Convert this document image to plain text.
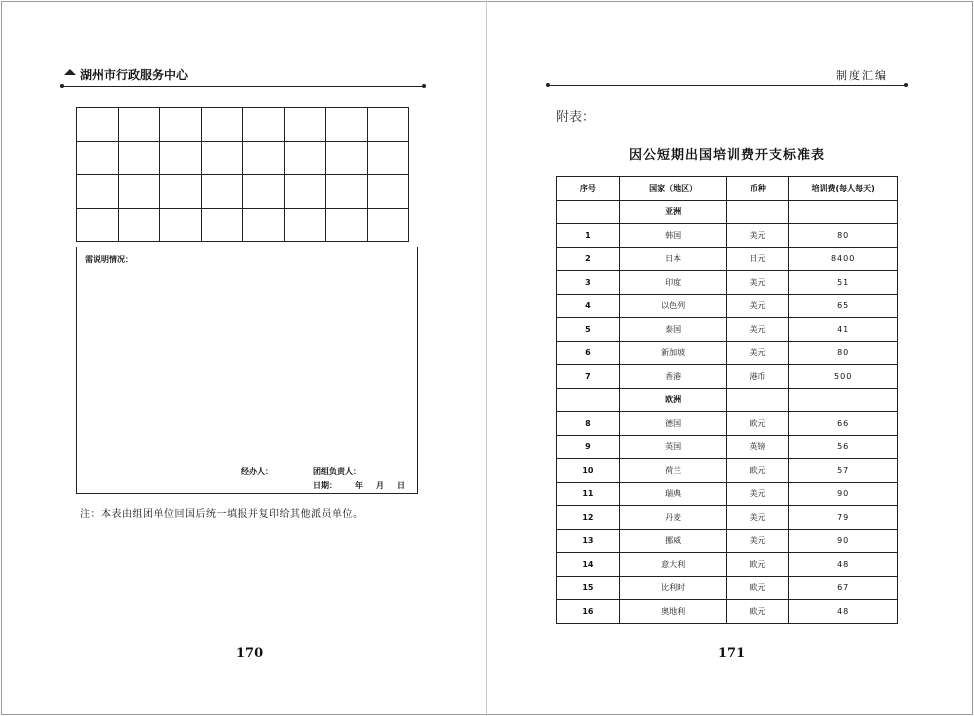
湖州市行政服务中心

需说明情况：
经办人：	团组负责人：
日期： 年 月 日
注：本表由组团单位回国后统一填报并复印给其他派员单位。
170
制度汇编
附表：
因公短期出国培训费开支标准表
序号	国家（地区）	币种	培训费(每人每天)
	亚洲		
1	韩国	美元	80
2	日本	日元	8400
3	印度	美元	51
4	以色列	美元	65
5	泰国	美元	41
6	新加坡	美元	80
7	香港	港币	500
	欧洲		
8	德国	欧元	66
9	英国	英镑	56
10	荷兰	欧元	57
11	瑞典	美元	90
12	丹麦	美元	79
13	挪威	美元	90
14	意大利	欧元	48
15	比利时	欧元	67
16	奥地利	欧元	48
171
